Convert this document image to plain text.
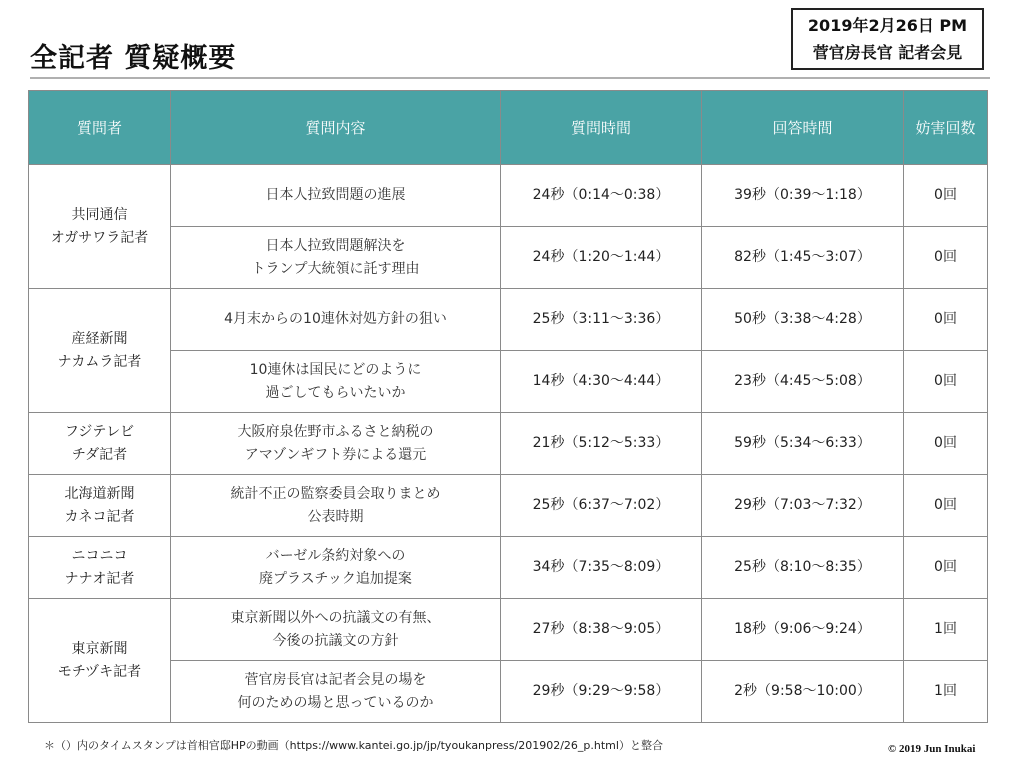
全記者 質疑概要
2019年2月26日 PM
菅官房長官 記者会見
質問者	質問内容	質問時間	回答時間	妨害回数

共同通信
オガサワラ記者	日本人拉致問題の進展	24秒（0:14〜0:38）	39秒（0:39〜1:18）	0回

	日本人拉致問題解決を
トランプ大統領に託す理由	24秒（1:20〜1:44）	82秒（1:45〜3:07）	0回

産経新聞
ナカムラ記者	4月末からの10連休対処方針の狙い	25秒（3:11〜3:36）	50秒（3:38〜4:28）	0回

	10連休は国民にどのように
過ごしてもらいたいか	14秒（4:30〜4:44）	23秒（4:45〜5:08）	0回

フジテレビ
チダ記者	大阪府泉佐野市ふるさと納税の
アマゾンギフト券による還元	21秒（5:12〜5:33）	59秒（5:34〜6:33）	0回

北海道新聞
カネコ記者	統計不正の監察委員会取りまとめ
公表時期	25秒（6:37〜7:02）	29秒（7:03〜7:32）	0回

ニコニコ
ナナオ記者	バーゼル条約対象への
廃プラスチック追加提案	34秒（7:35〜8:09）	25秒（8:10〜8:35）	0回

東京新聞
モチヅキ記者	東京新聞以外への抗議文の有無、
今後の抗議文の方針	27秒（8:38〜9:05）	18秒（9:06〜9:24）	1回

	菅官房長官は記者会見の場を
何のための場と思っているのか	29秒（9:29〜9:58）	2秒（9:58〜10:00）	1回
＊（）内のタイムスタンプは首相官邸HPの動画（https://www.kantei.go.jp/jp/tyoukanpress/201902/26_p.html）と整合	© 2019 Jun Inukai
